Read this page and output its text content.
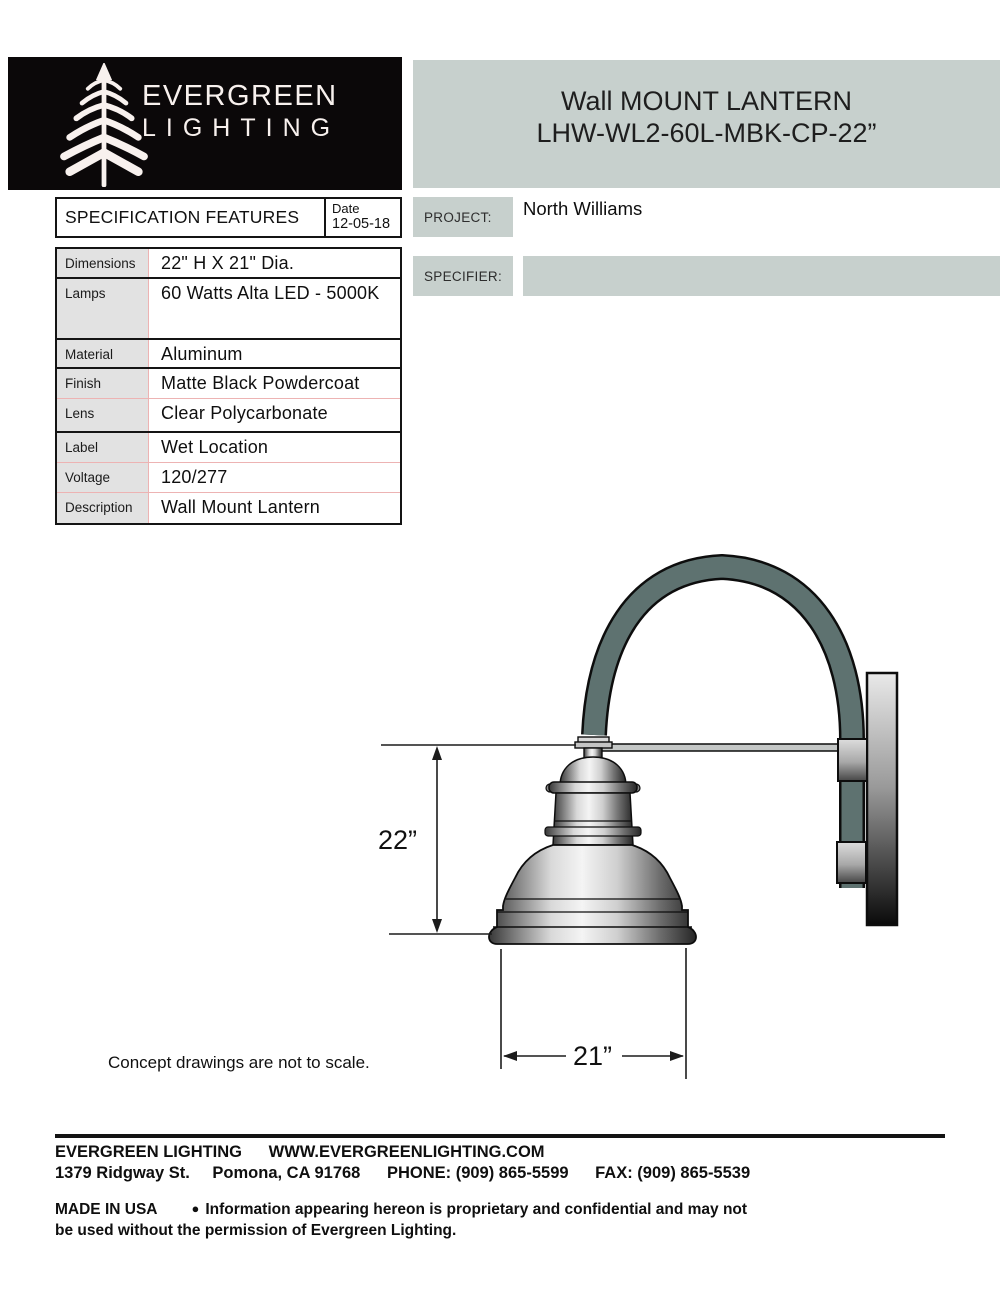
EVERGREEN
LIGHTING
Wall MOUNT LANTERN
LHW-WL2-60L-MBK-CP-22”
SPECIFICATION FEATURES	Date
12-05-18
Dimensions	22" H X 21" Dia.
Lamps	60 Watts Alta LED - 5000K
Material	Aluminum
Finish	Matte Black Powdercoat
Lens	Clear Polycarbonate
Label	Wet Location
Voltage	120/277
Description	Wall Mount Lantern
PROJECT: North Williams
SPECIFIER:
22”
21”
Concept drawings are not to scale.
EVERGREEN LIGHTING WWW.EVERGREENLIGHTING.COM
1379 Ridgway St. Pomona, CA 91768 PHONE: (909) 865-5599 FAX: (909) 865-5539
MADE IN USA	● Information appearing hereon is proprietary and confidential and may not
be used without the permission of Evergreen Lighting.
